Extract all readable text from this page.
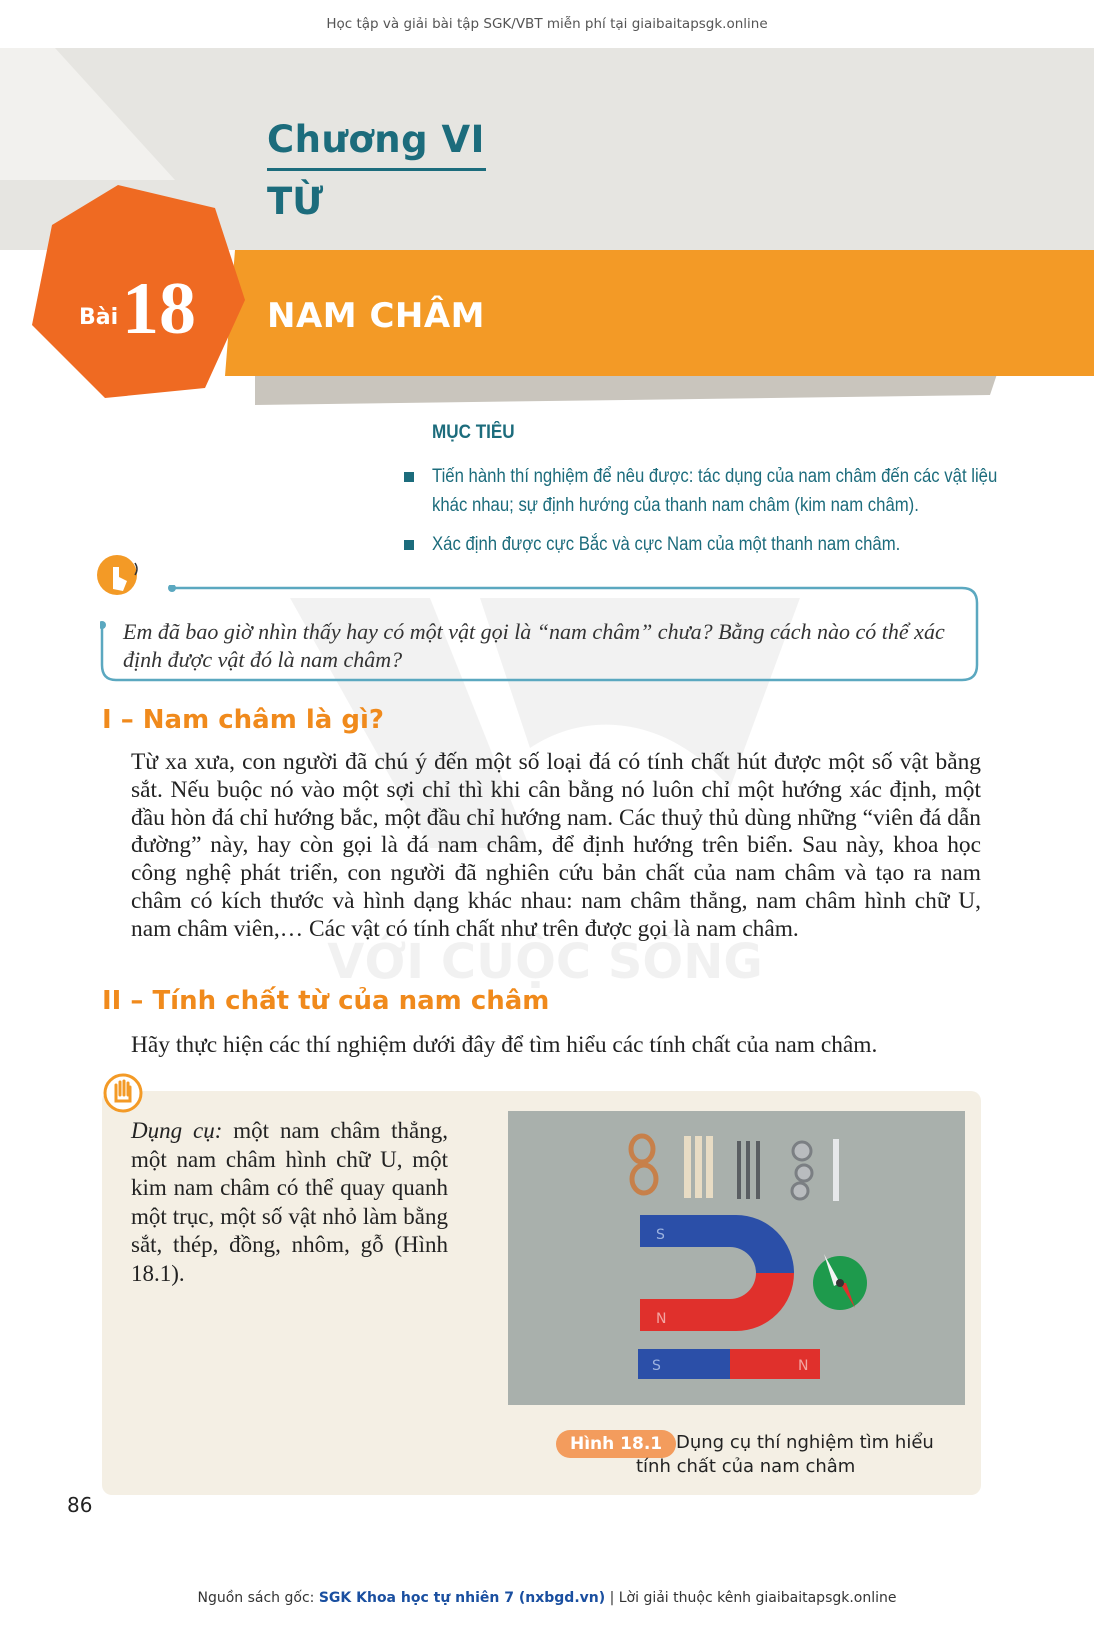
Học tập và giải bài tập SGK/VBT miễn phí tại giaibaitapsgk.online
Chương VI
TỪ
Bài 18 NAM CHÂM
MỤC TIÊU
Tiến hành thí nghiệm để nêu được: tác dụng của nam châm đến các vật liệu khác nhau; sự định hướng của thanh nam châm (kim nam châm).
Xác định được cực Bắc và cực Nam của một thanh nam châm.
VỚI CUỘC SỐNG
Em đã bao giờ nhìn thấy hay có một vật gọi là “nam châm” chưa? Bằng cách nào có thể xác định được vật đó là nam châm?
I – Nam châm là gì?
Từ xa xưa, con người đã chú ý đến một số loại đá có tính chất hút được một số vật bằng sắt. Nếu buộc nó vào một sợi chỉ thì khi cân bằng nó luôn chỉ một hướng xác định, một đầu hòn đá chỉ hướng bắc, một đầu chỉ hướng nam. Các thuỷ thủ dùng những “viên đá dẫn đường” này, hay còn gọi là đá nam châm, để định hướng trên biển. Sau này, khoa học công nghệ phát triển, con người đã nghiên cứu bản chất của nam châm và tạo ra nam châm có kích thước và hình dạng khác nhau: nam châm thẳng, nam châm hình chữ U, nam châm viên,… Các vật có tính chất như trên được gọi là nam châm.
II – Tính chất từ của nam châm
Hãy thực hiện các thí nghiệm dưới đây để tìm hiểu các tính chất của nam châm.
Dụng cụ: một nam châm thẳng, một nam châm hình chữ U, một kim nam châm có thể quay quanh một trục, một số vật nhỏ làm bằng sắt, thép, đồng, nhôm, gỗ (Hình 18.1).
S
N
S	N
Hình 18.1 Dụng cụ thí nghiệm tìm hiểu
tính chất của nam châm
86
Nguồn sách gốc: SGK Khoa học tự nhiên 7 (nxbgd.vn) | Lời giải thuộc kênh giaibaitapsgk.online
